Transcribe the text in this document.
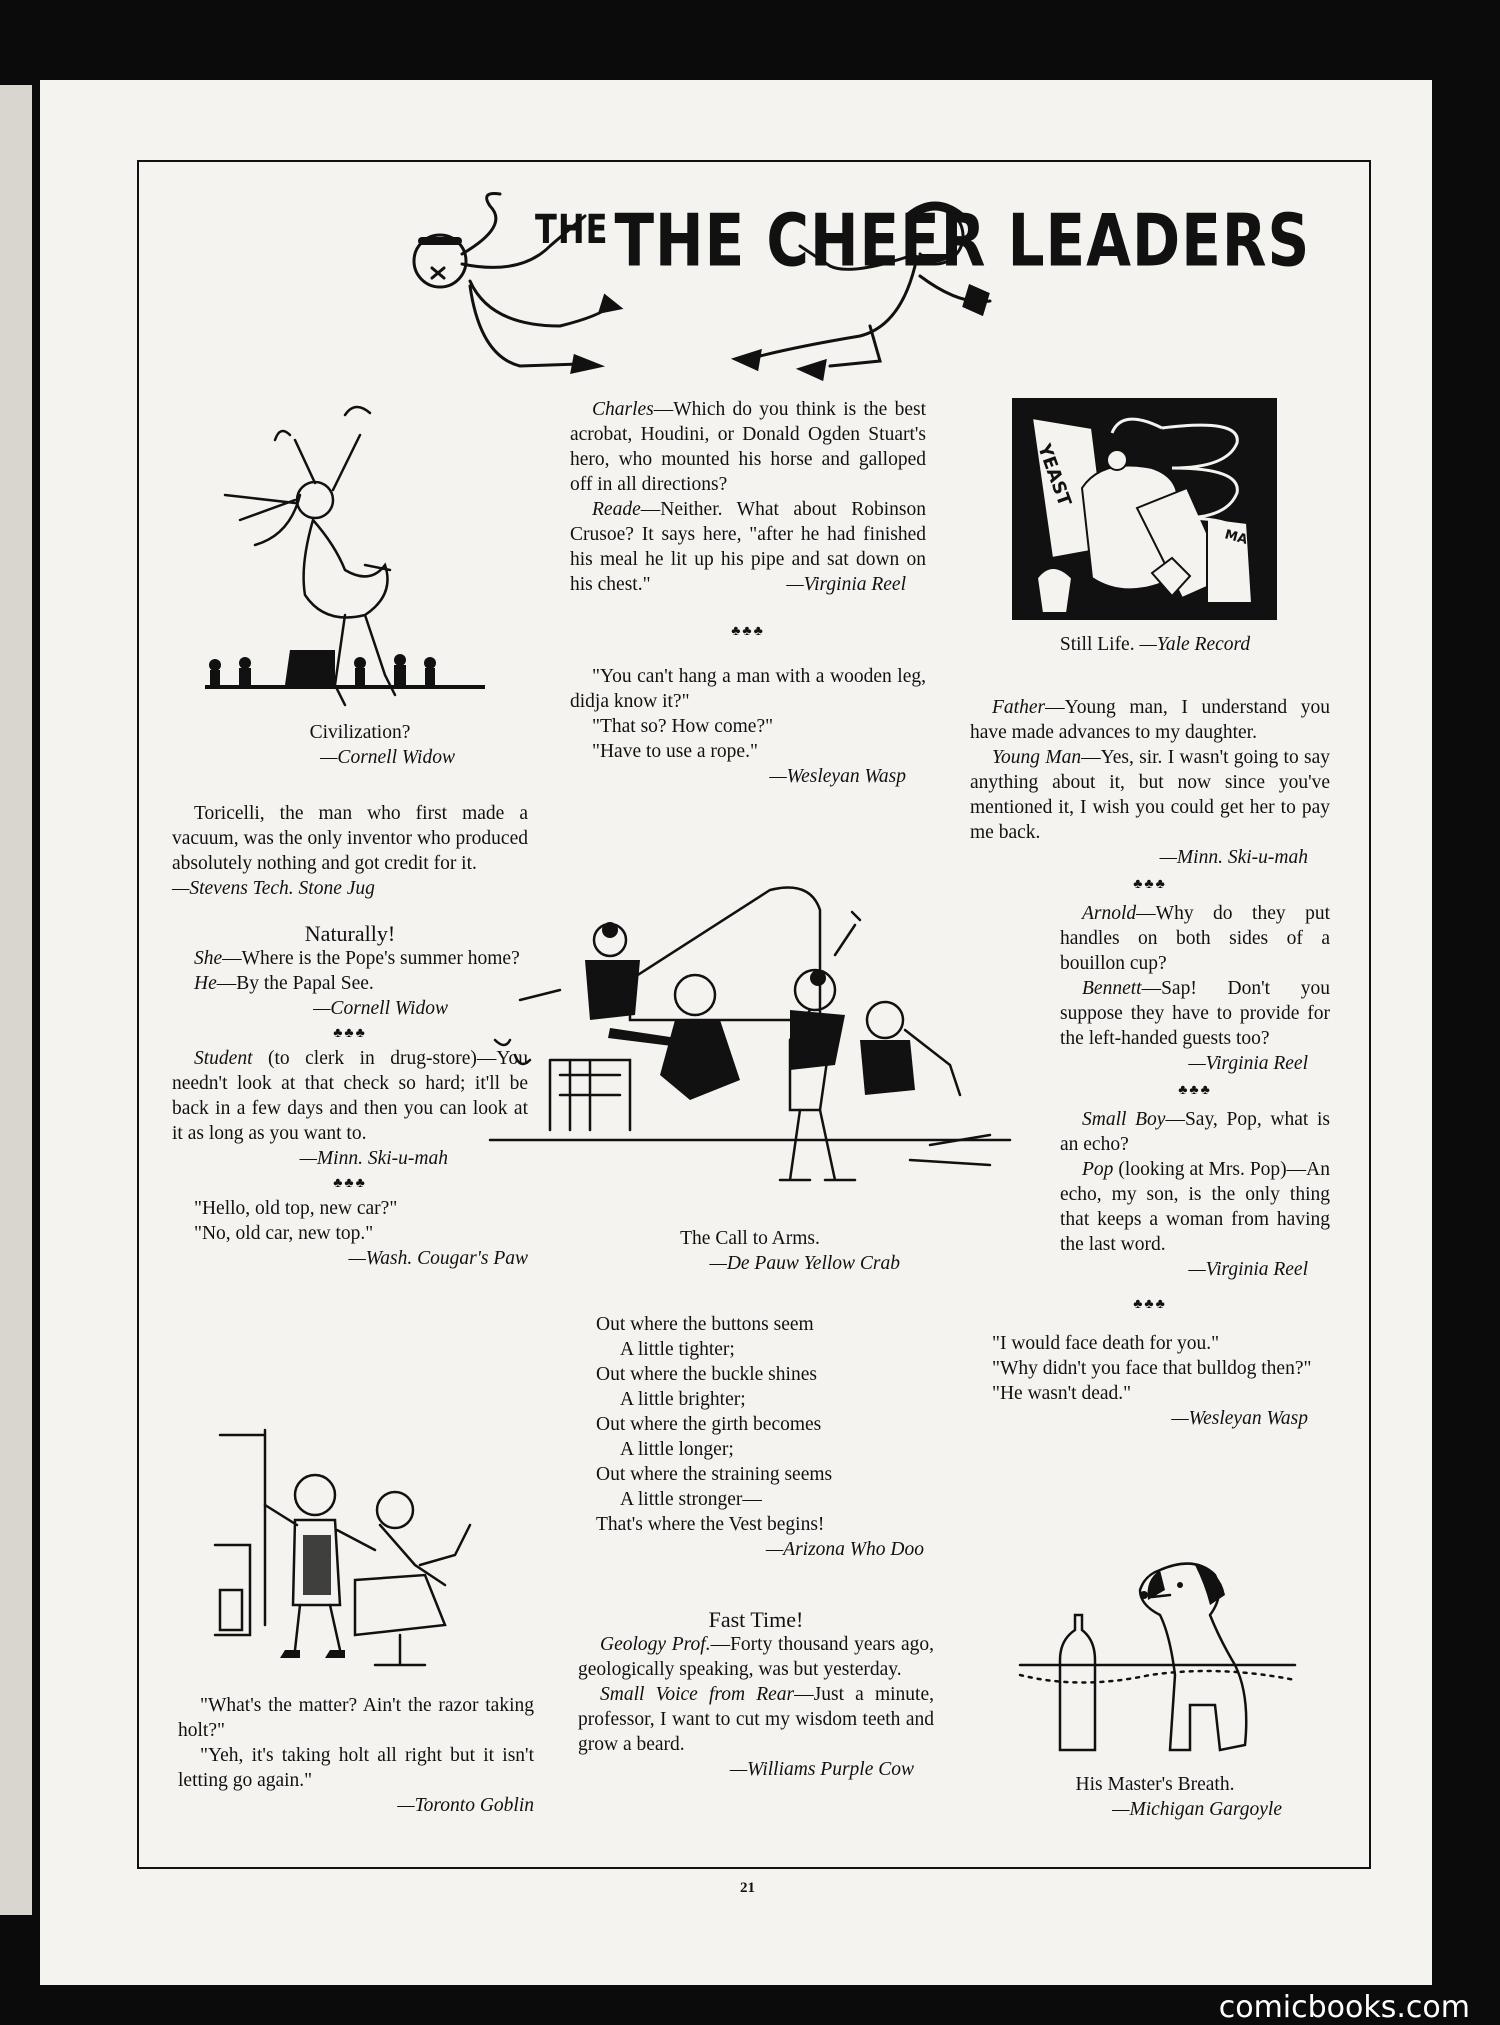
$^{THE}$ THE CHEER LEADERS

Civilization?

—Cornell Widow

Toricelli, the man who first made a vacuum, was the only inventor who produced absolutely nothing and got credit for it.

—Stevens Tech. Stone Jug

Naturally!

She—Where is the Pope's summer home?

He—By the Papal See.

—Cornell Widow

♣♣♣

Student (to clerk in drug-store)—You needn't look at that check so hard; it'll be back in a few days and then you can look at it as long as you want to.

—Minn. Ski-u-mah

♣♣♣

"Hello, old top, new car?"

"No, old car, new top."

—Wash. Cougar's Paw

"What's the matter? Ain't the razor taking holt?"

"Yeh, it's taking holt all right but it isn't letting go again."

—Toronto Goblin

Charles—Which do you think is the best acrobat, Houdini, or Donald Ogden Stuart's hero, who mounted his horse and galloped off in all directions?

Reade—Neither. What about Robinson Crusoe? It says here, "after he had finished his meal he lit up his pipe and sat down on his chest."	—Virginia Reel

♣♣♣

"You can't hang a man with a wooden leg, didja know it?"

"That so? How come?"

"Have to use a rope."

—Wesleyan Wasp

The Call to Arms.

—De Pauw Yellow Crab

Out where the buttons seem

A little tighter;

Out where the buckle shines

A little brighter;

Out where the girth becomes

A little longer;

Out where the straining seems

A little stronger—

That's where the Vest begins!

—Arizona Who Doo

Fast Time!

Geology Prof.—Forty thousand years ago, geologically speaking, was but yesterday.

Small Voice from Rear—Just a minute, professor, I want to cut my wisdom teeth and grow a beard.

—Williams Purple Cow

YEAST
MALT

Still Life. —Yale Record

Father—Young man, I understand you have made advances to my daughter.

Young Man—Yes, sir. I wasn't going to say anything about it, but now since you've mentioned it, I wish you could get her to pay me back.

—Minn. Ski-u-mah

♣♣♣

Arnold—Why do they put handles on both sides of a bouillon cup?

Bennett—Sap! Don't you suppose they have to provide for the left-handed guests too?

—Virginia Reel

♣♣♣

Small Boy—Say, Pop, what is an echo?

Pop (looking at Mrs. Pop)—An echo, my son, is the only thing that keeps a woman from having the last word.

—Virginia Reel

♣♣♣

"I would face death for you."

"Why didn't you face that bulldog then?"

"He wasn't dead."

—Wesleyan Wasp

His Master's Breath.

—Michigan Gargoyle

21
comicbooks.com
